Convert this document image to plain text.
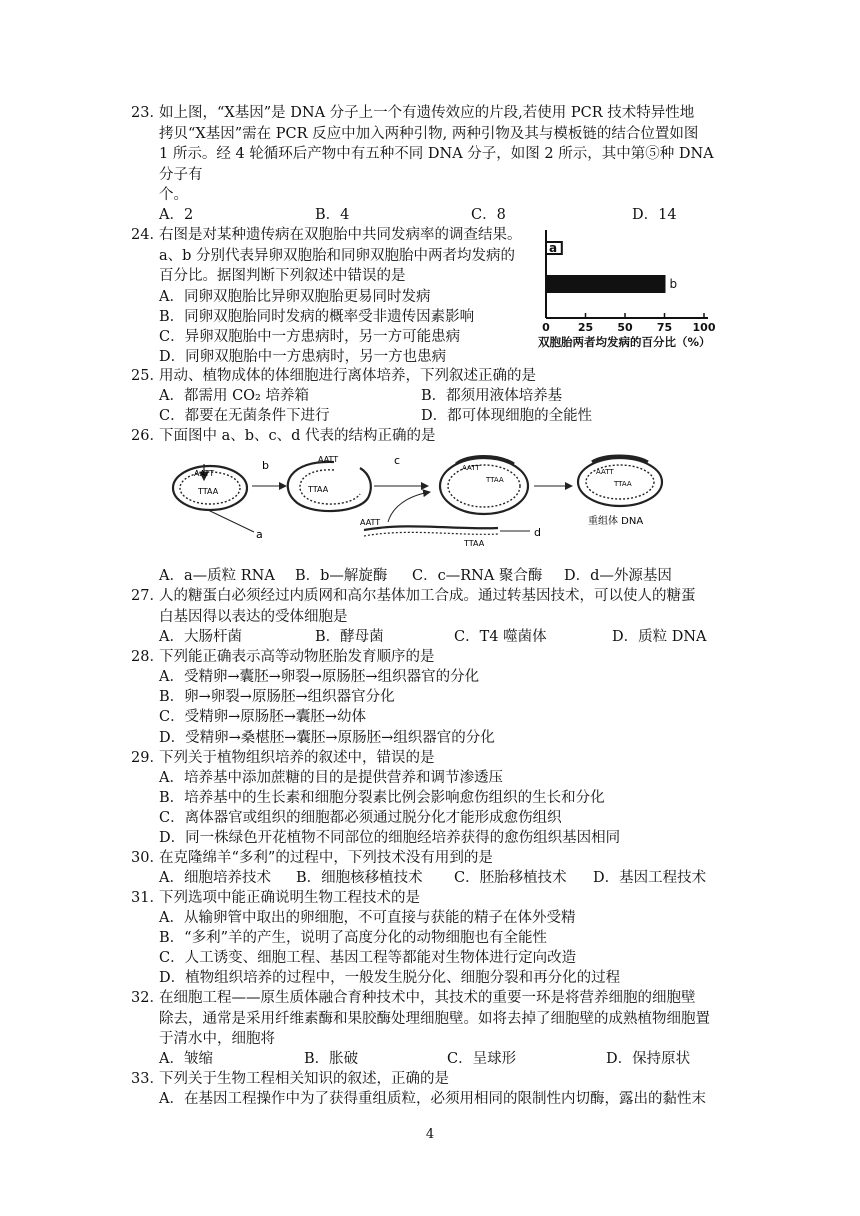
23．
如上图，“X基因”是 DNA 分子上一个有遗传效应的片段,若使用 PCR 技术特异性地
拷贝“X基因”需在 PCR 反应中加入两种引物, 两种引物及其与模板链的结合位置如图
1 所示。经 4 轮循环后产物中有五种不同 DNA 分子，如图 2 所示，其中第⑤种 DNA
分子有
个。
A．2	B．4	C．8	D．14
24．
右图是对某种遗传病在双胞胎中共同发病率的调查结果。
a、b 分别代表异卵双胞胎和同卵双胞胎中两者均发病的
百分比。据图判断下列叙述中错误的是
A．同卵双胞胎比异卵双胞胎更易同时发病
B．同卵双胞胎同时发病的概率受非遗传因素影响
C．异卵双胞胎中一方患病时，另一方可能患病
D．同卵双胞胎中一方患病时，另一方也患病
a
b
0	25 50 75 100
双胞胎两者均发病的百分比（%）
25．
用动、植物成体的体细胞进行离体培养，下列叙述正确的是
A．都需用 CO₂ 培养箱	B．都须用液体培养基
C．都要在无菌条件下进行	D．都可体现细胞的全能性
26．
下面图中 a、b、c、d 代表的结构正确的是
AATT
TTAA
a
b	AATT
TTAA
c
AATT
TTAA
d
AATT
TTAA
AATT
TTAA
重组体 DNA
A．a—质粒 RNA B．b—解旋酶 C．c—RNA 聚合酶 D．d—外源基因
27．
人的糖蛋白必须经过内质网和高尔基体加工合成。通过转基因技术，可以使人的糖蛋
白基因得以表达的受体细胞是
A．大肠杆菌	B．酵母菌	C．T4 噬菌体	D．质粒 DNA
28．
下列能正确表示高等动物胚胎发育顺序的是
A．受精卵→囊胚→卵裂→原肠胚→组织器官的分化
B．卵→卵裂→原肠胚→组织器官分化
C．受精卵→原肠胚→囊胚→幼体
D．受精卵→桑椹胚→囊胚→原肠胚→组织器官的分化
29．
下列关于植物组织培养的叙述中，错误的是
A．培养基中添加蔗糖的目的是提供营养和调节渗透压
B．培养基中的生长素和细胞分裂素比例会影响愈伤组织的生长和分化
C．离体器官或组织的细胞都必须通过脱分化才能形成愈伤组织
D．同一株绿色开花植物不同部位的细胞经培养获得的愈伤组织基因相同
30．
在克隆绵羊“多利”的过程中，下列技术没有用到的是
A．细胞培养技术 B．细胞核移植技术 C．胚胎移植技术 D．基因工程技术
31．
下列选项中能正确说明生物工程技术的是
A．从输卵管中取出的卵细胞，不可直接与获能的精子在体外受精
B．“多利”羊的产生，说明了高度分化的动物细胞也有全能性
C．人工诱变、细胞工程、基因工程等都能对生物体进行定向改造
D．植物组织培养的过程中，一般发生脱分化、细胞分裂和再分化的过程
32．
在细胞工程——原生质体融合育种技术中，其技术的重要一环是将营养细胞的细胞壁
除去，通常是采用纤维素酶和果胶酶处理细胞壁。如将去掉了细胞壁的成熟植物细胞置
于清水中，细胞将
A．皱缩	B．胀破	C．呈球形	D．保持原状
33．
下列关于生物工程相关知识的叙述，正确的是
A．在基因工程操作中为了获得重组质粒，必须用相同的限制性内切酶，露出的黏性末
4
